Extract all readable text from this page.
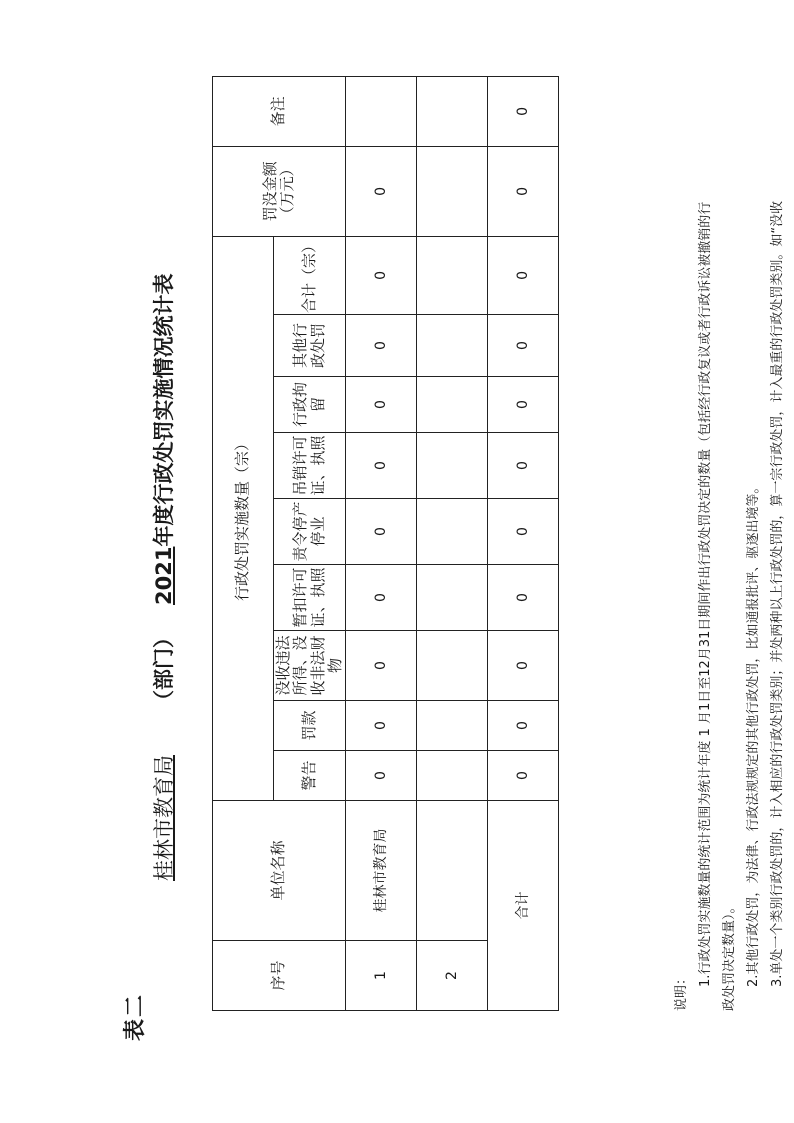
表二
桂林市教育局（部门）2021年度行政处罚实施情况统计表
序号	单位名称	行政处罚实施数量（宗）									罚没金额（万元）	备注
		警告	罚款	没收违法所得、没收非法财物	暂扣许可证、执照	责令停产停业	吊销许可证、执照	行政拘留	其他行政处罚	合计（宗）		
1	桂林市教育局	0	0	0	0	0	0	0	0	0	0	
2												
合计		0	0	0	0	0	0	0	0	0	0	0
说明：
1.行政处罚实施数量的统计范围为统计年度 1 月1日至12月31日期间作出行政处罚决定的数量（包括经行政复议或者行政诉讼被撤销的行 政处罚决定数量）。 2.其他行政处罚，为法律、行政法规规定的其他行政处罚，比如通报批评、驱逐出境等。 3.单处一个类别行政处罚的，计入相应的行政处罚类别；并处两种以上行政处罚的，算一宗行政处罚，计入最重的行政处罚类别。如“没收
